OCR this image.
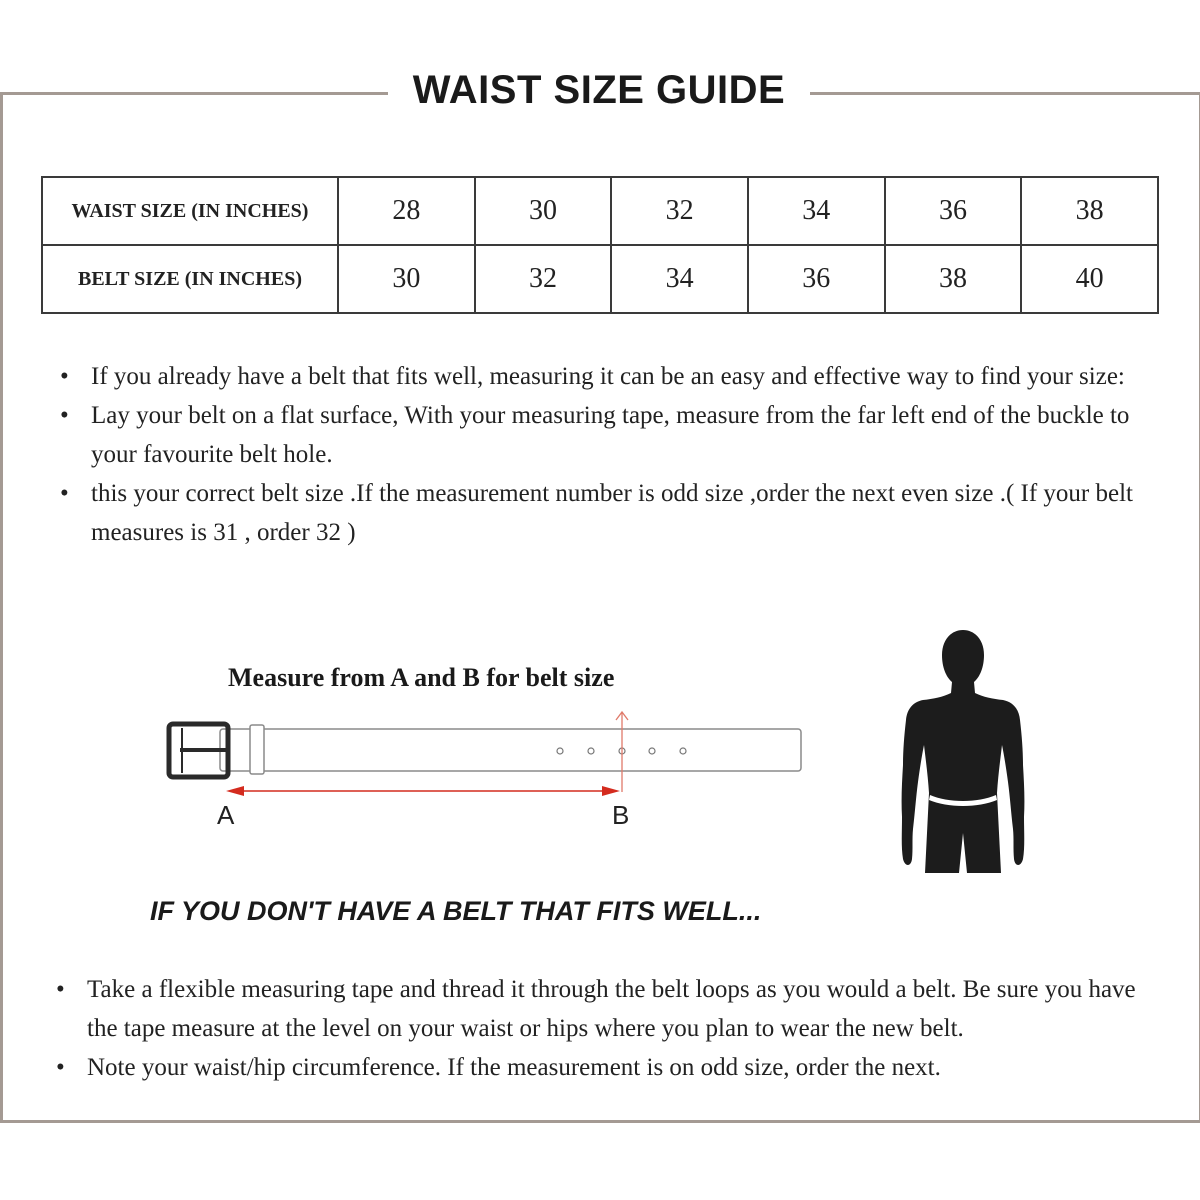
WAIST SIZE GUIDE
WAIST SIZE (IN INCHES)	28	30	32	34	36	38
BELT SIZE (IN INCHES)	30	32	34	36	38	40
• If you already have a belt that fits well, measuring it can be an easy and effective way to find your size:
• Lay your belt on a flat surface, With your measuring tape, measure from the far left end of the buckle to your favourite belt hole.
• this your correct belt size .If the measurement number is odd size ,order the next even size .( If your belt measures is 31 , order 32 )
Measure from A and B for belt size
A	B
IF YOU DON'T HAVE A BELT THAT FITS WELL...
• Take a flexible measuring tape and thread it through the belt loops as you would a belt. Be sure you have the tape measure at the level on your waist or hips where you plan to wear the new belt.
• Note your waist/hip circumference. If the measurement is on odd size, order the next.
